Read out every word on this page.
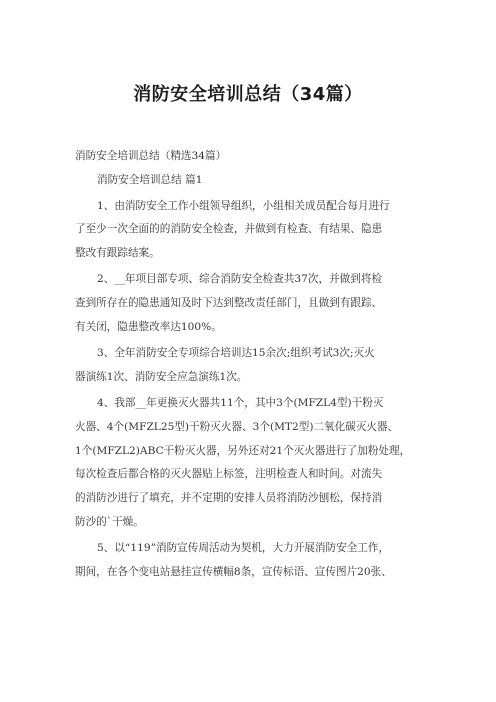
消防安全培训总结（34篇）
消防安全培训总结（精选34篇）
消防安全培训总结 篇1
1、由消防安全工作小组领导组织，小组相关成员配合每月进行
了至少一次全面的的消防安全检查，并做到有检查、有结果、隐患
整改有跟踪结案。
2、__年项目部专项、综合消防安全检查共37次，并做到将检
查到所存在的隐患通知及时下达到整改责任部门，且做到有跟踪、
有关闭，隐患整改率达100%。
3、全年消防安全专项综合培训达15余次;组织考试3次;灭火
器演练1次、消防安全应急演练1次。
4、我部__年更换灭火器共11个，其中3个(MFZL4型)干粉灭
火器、4个(MFZL25型)干粉灭火器、3个(MT2型)二氧化碳灭火器、
1个(MFZL2)ABC干粉灭火器，另外还对21个灭火器进行了加粉处理，
每次检查后都合格的灭火器贴上标签，注明检查人和时间。对流失
的消防沙进行了填充，并不定期的安排人员将消防沙刨松，保持消
防沙的`干燥。
5、以“119”消防宣传周活动为契机，大力开展消防安全工作，
期间，在各个变电站悬挂宣传横幅8条，宣传标语、宣传图片20张、
